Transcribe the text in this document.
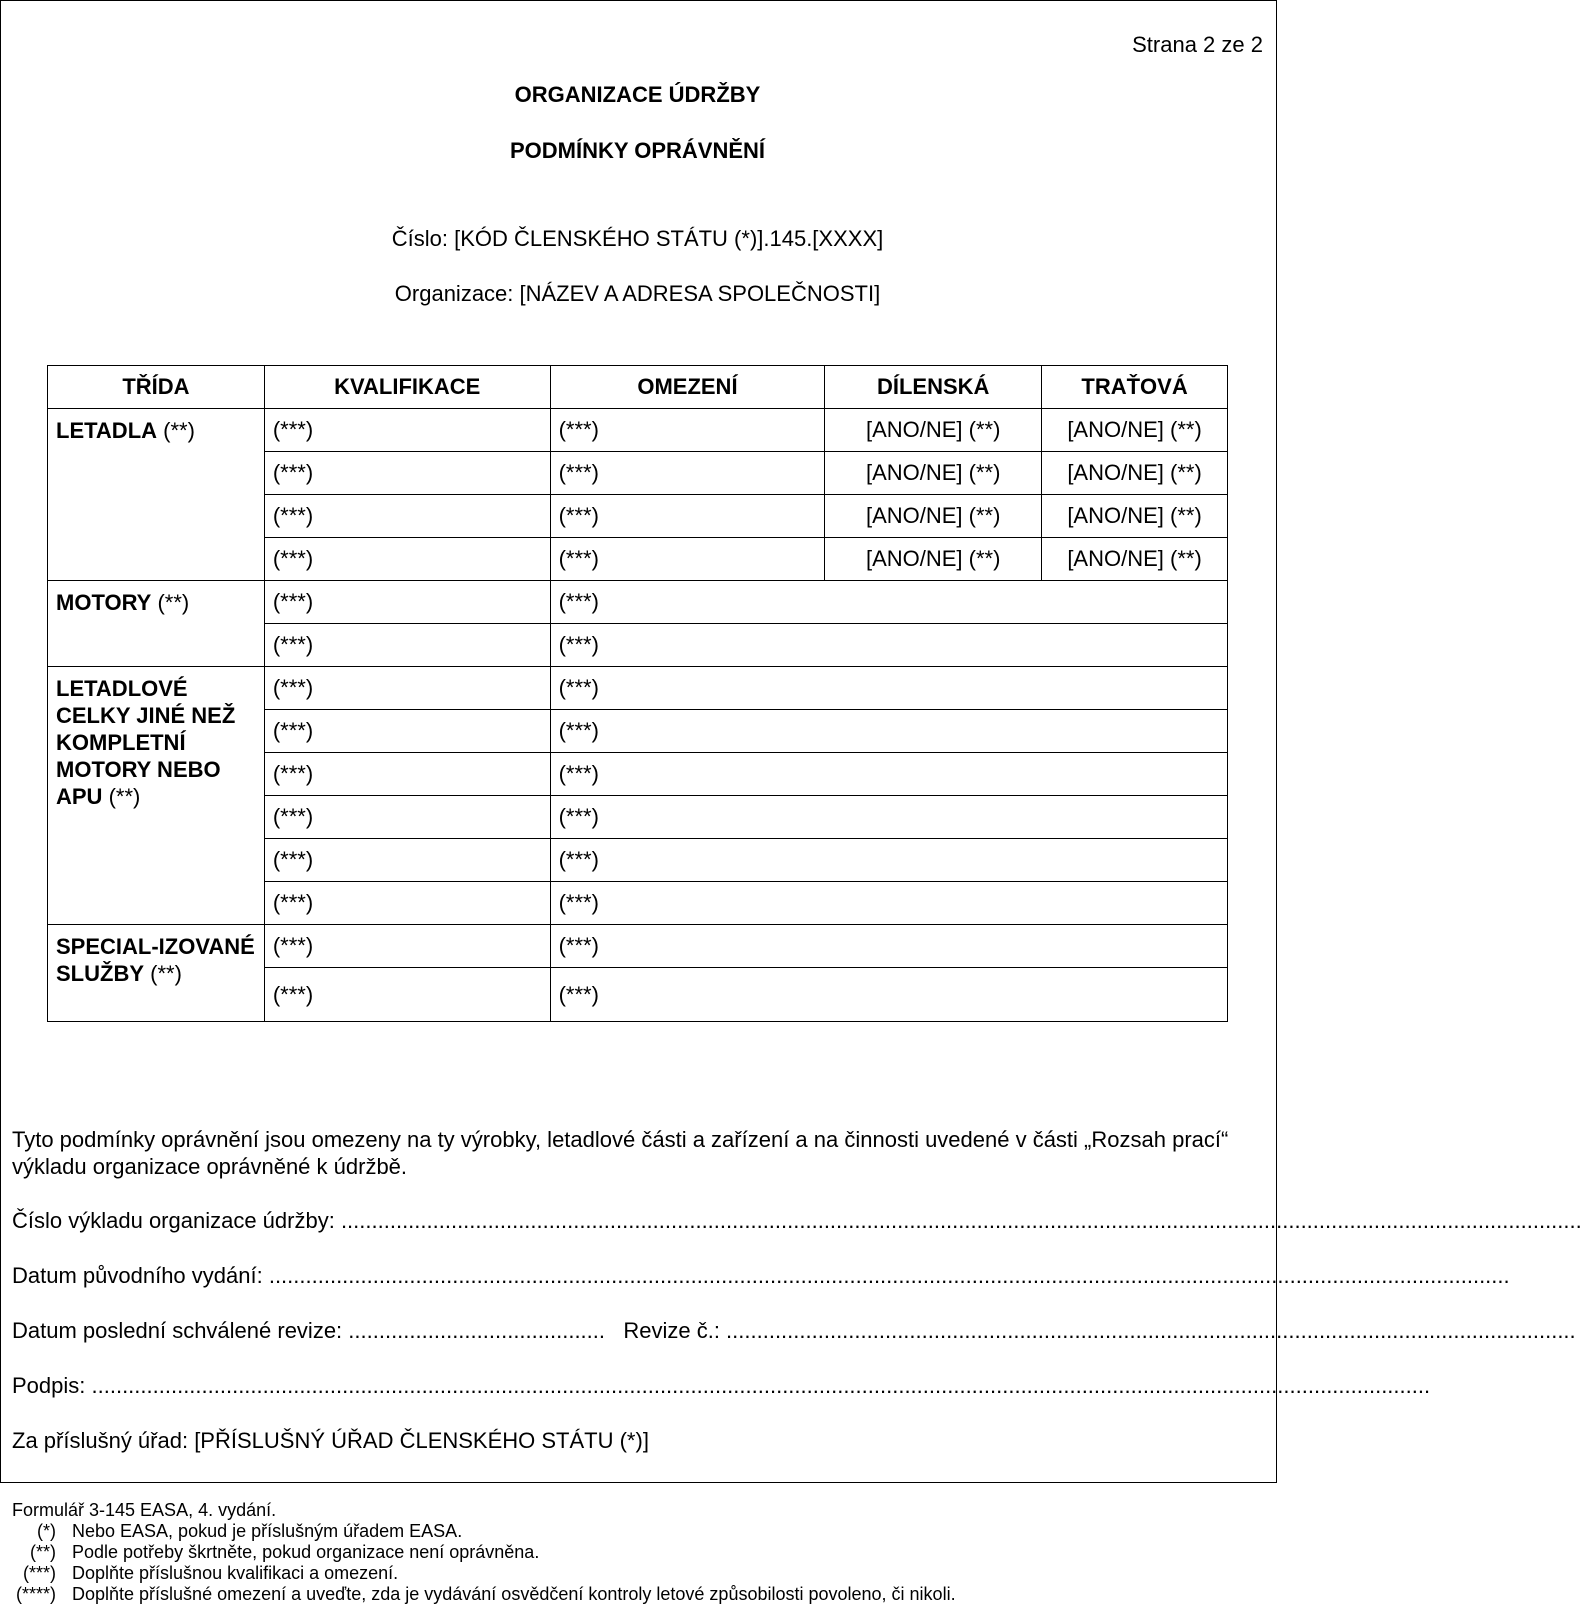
Strana 2 ze 2
ORGANIZACE ÚDRŽBY
PODMÍNKY OPRÁVNĚNÍ
Číslo: [KÓD ČLENSKÉHO STÁTU (*)].145.[XXXX]
Organizace: [NÁZEV A ADRESA SPOLEČNOSTI]
TŘÍDA	KVALIFIKACE	OMEZENÍ	DÍLENSKÁ	TRAŤOVÁ
LETADLA (**)	(***)	(***)	[ANO/NE] (**)	[ANO/NE] (**)
	(***)	(***)	[ANO/NE] (**)	[ANO/NE] (**)
	(***)	(***)	[ANO/NE] (**)	[ANO/NE] (**)
	(***)	(***)	[ANO/NE] (**)	[ANO/NE] (**)
MOTORY (**)	(***)	(***)		
	(***)	(***)		
LETADLOVÉ CELKY JINÉ NEŽ KOMPLETNÍ MOTORY NEBO APU (**)	(***)	(***)		
	(***)	(***)		
	(***)	(***)		
	(***)	(***)		
	(***)	(***)		
	(***)	(***)		
SPECIAL-IZOVANÉ SLUŽBY (**)	(***)	(***)		
	(***)	(***)		
Tyto podmínky oprávnění jsou omezeny na ty výrobky, letadlové části a zařízení a na činnosti uvedené v části „Rozsah prací“ výkladu organizace oprávněné k údržbě.
Číslo výkladu organizace údržby: ...........................................................................................................................................................................................................
Datum původního vydání: ...........................................................................................................................................................................................................
Datum poslední schválené revize: ..........................................   Revize č.: ...........................................................................................................................................
Podpis: ...........................................................................................................................................................................................................................
Za příslušný úřad: [PŘÍSLUŠNÝ ÚŘAD ČLENSKÉHO STÁTU (*)]
Formulář 3-145 EASA, 4. vydání.
(*) Nebo EASA, pokud je příslušným úřadem EASA.
(**) Podle potřeby škrtněte, pokud organizace není oprávněna.
(***) Doplňte příslušnou kvalifikaci a omezení.
(****) Doplňte příslušné omezení a uveďte, zda je vydávání osvědčení kontroly letové způsobilosti povoleno, či nikoli.
